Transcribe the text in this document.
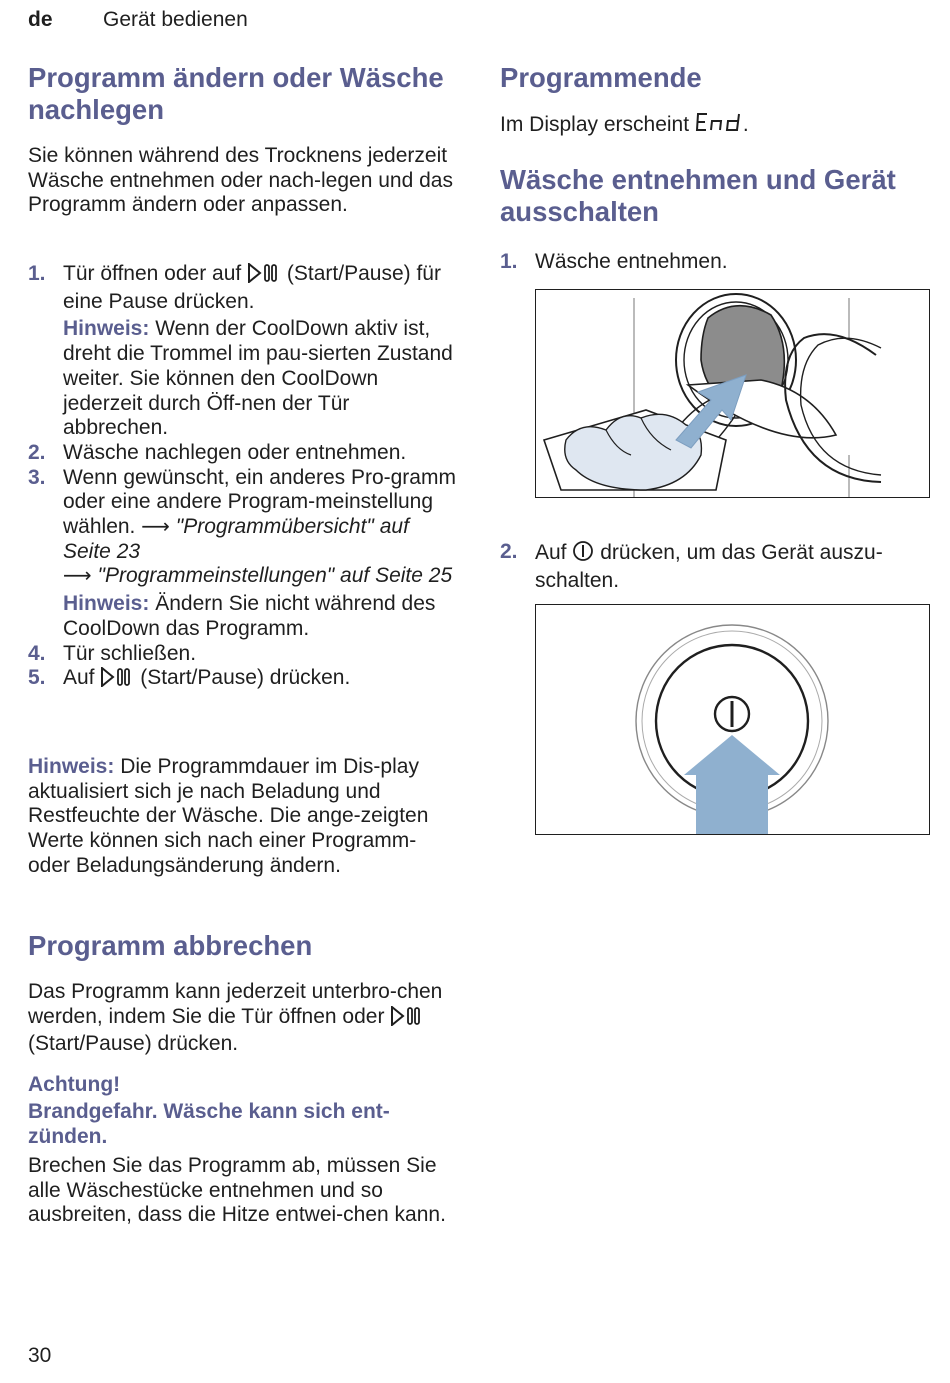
de Gerät bedienen
Programm ändern oder Wäsche nachlegen

Sie können während des Trocknens jederzeit Wäsche entnehmen oder nach-legen und das Programm ändern oder anpassen.

1. Tür öffnen oder auf (Start/Pause) für eine Pause drücken.
Hinweis: Wenn der CoolDown aktiv ist, dreht die Trommel im pau-sierten Zustand weiter. Sie können den CoolDown jederzeit durch Öff-nen der Tür abbrechen.
2. Wäsche nachlegen oder entnehmen.
3. Wenn gewünscht, ein anderes Pro-gramm oder eine andere Program-meinstellung wählen. ⟶ "Programmübersicht" auf Seite 23
⟶ "Programmeinstellungen" auf Seite 25
Hinweis: Ändern Sie nicht während des CoolDown das Programm.
4. Tür schließen.
5. Auf (Start/Pause) drücken.

Hinweis: Die Programmdauer im Dis-play aktualisiert sich je nach Beladung und Restfeuchte der Wäsche. Die ange-zeigten Werte können sich nach einer Programm- oder Beladungsänderung ändern.

Programm abbrechen

Das Programm kann jederzeit unterbro-chen werden, indem Sie die Tür öffnen oder  (Start/Pause) drücken.

Achtung!
Brandgefahr. Wäsche kann sich ent-zünden.

Brechen Sie das Programm ab, müssen Sie alle Wäschestücke entnehmen und so ausbreiten, dass die Hitze entwei-chen kann.

Programmende

Im Display erscheint	.

Wäsche entnehmen und Gerät ausschalten
1. Wäsche entnehmen.
2. Auf drücken, um das Gerät auszu-schalten.
30
